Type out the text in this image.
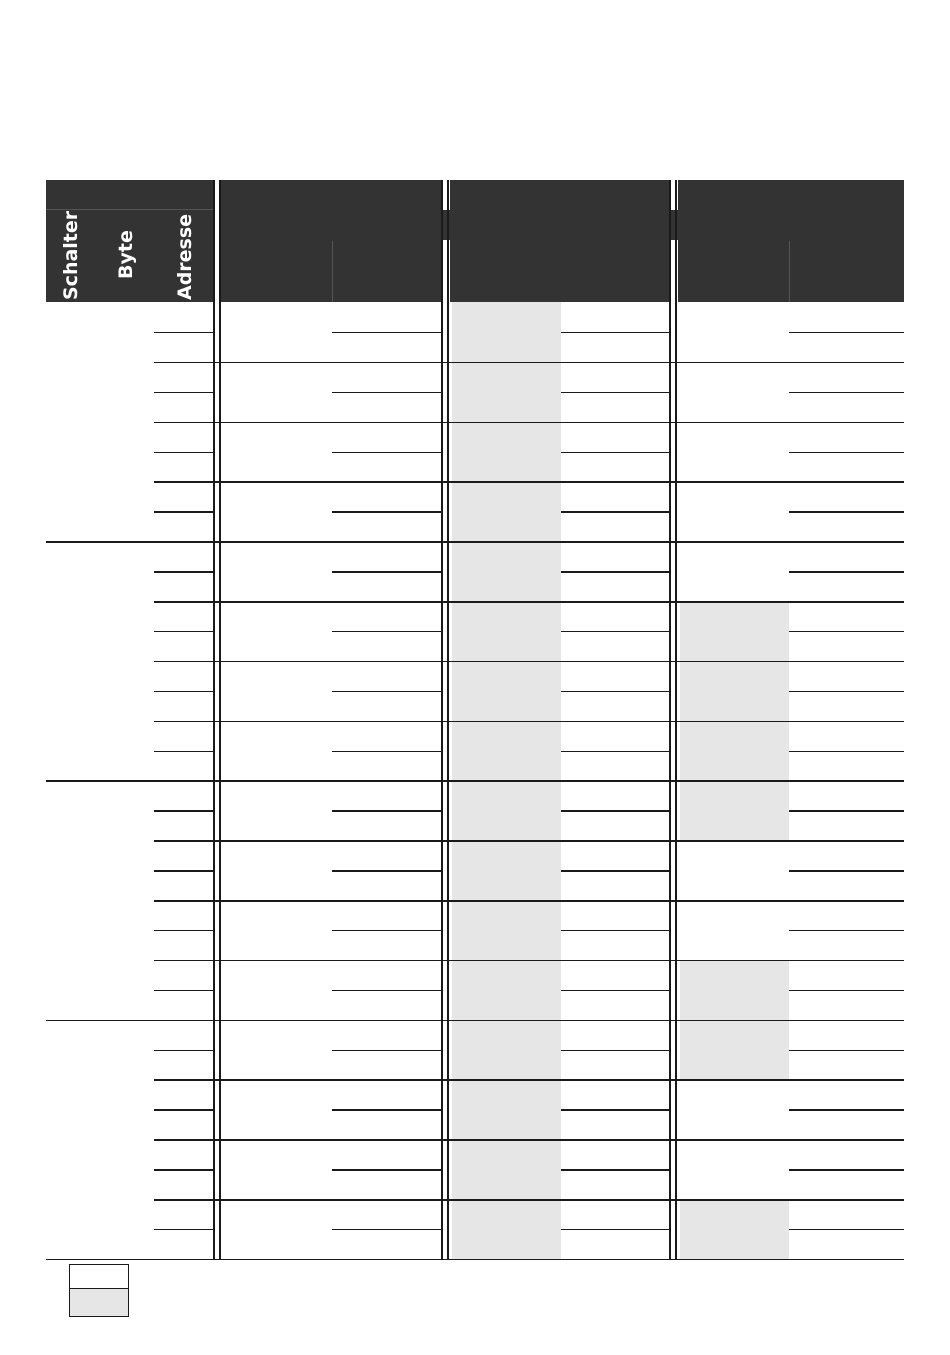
Schalter Byte Adresse
